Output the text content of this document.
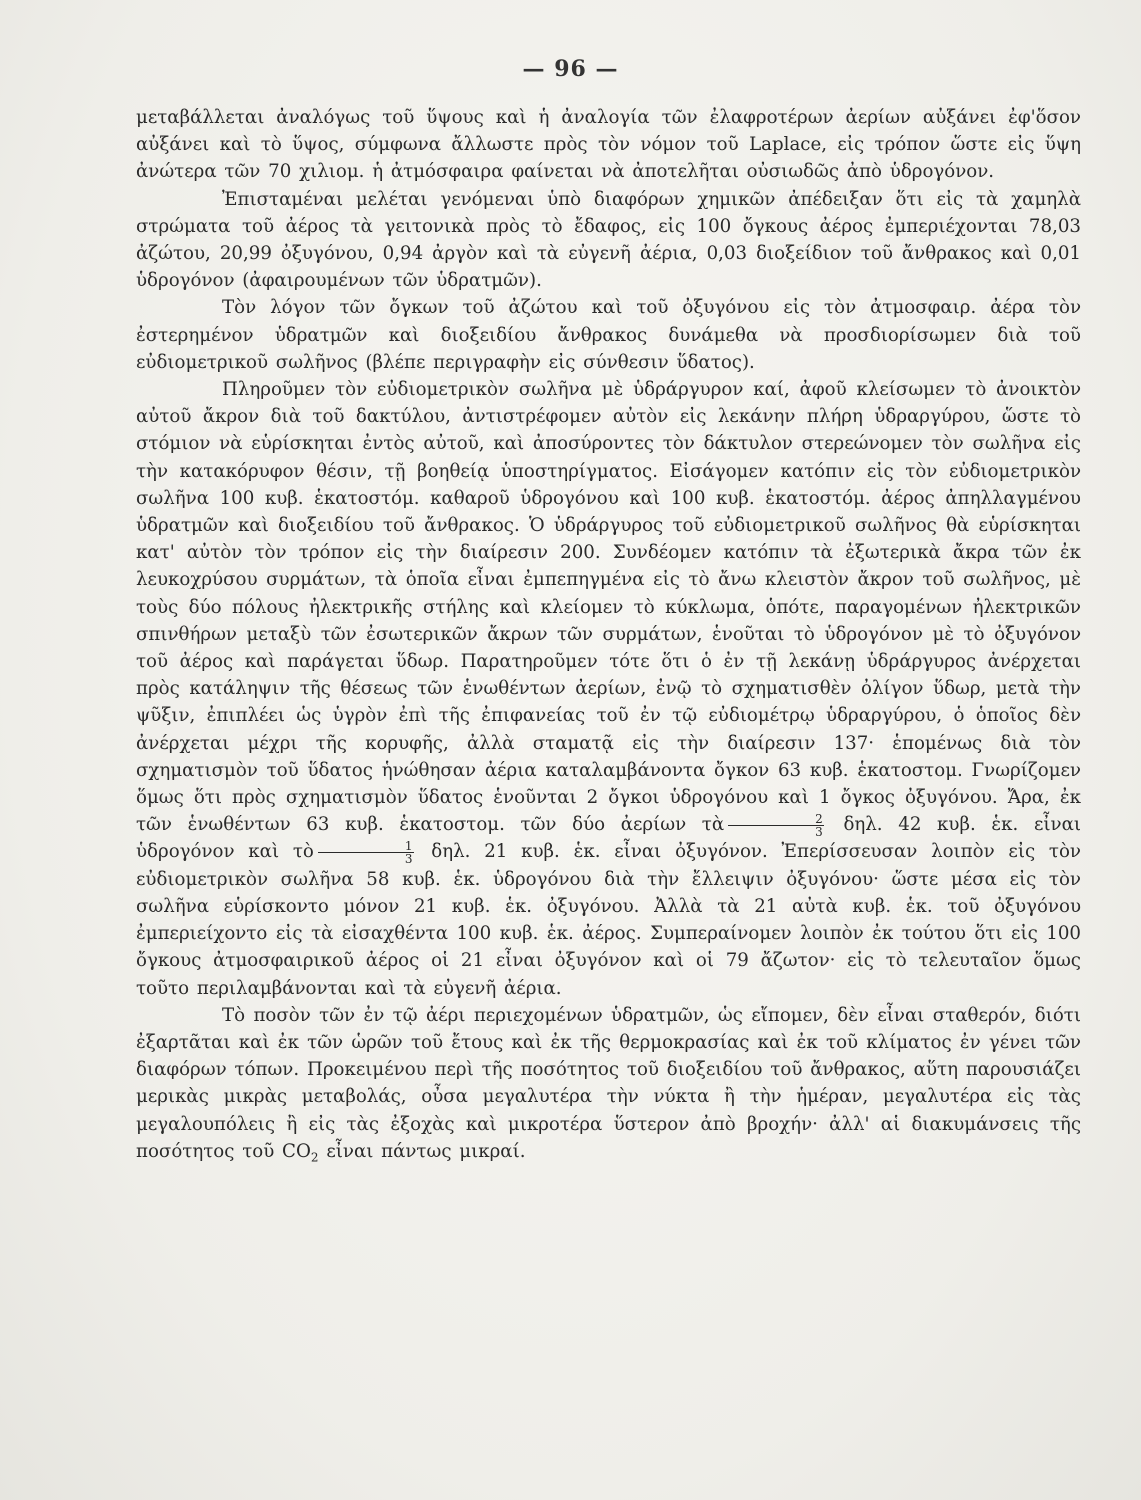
— 96 —

μεταβάλλεται ἀναλόγως τοῦ ὕψους καὶ ἡ ἀναλογία τῶν ἐλαφροτέρων ἀερίων αὐξάνει ἐφ'ὅσον αὐξάνει καὶ τὸ ὕψος, σύμφωνα ἄλλωστε πρὸς τὸν νόμον τοῦ Laplace, εἰς τρόπον ὥστε εἰς ὕψη ἀνώτερα τῶν 70 χιλιομ. ἡ ἀτμόσφαιρα φαίνεται νὰ ἀποτελῆται οὐσιωδῶς ἀπὸ ὑδρογόνον.

Ἐπισταμέναι μελέται γενόμεναι ὑπὸ διαφόρων χημικῶν ἀπέδειξαν ὅτι εἰς τὰ χαμηλὰ στρώματα τοῦ ἀέρος τὰ γειτονικὰ πρὸς τὸ ἔδαφος, εἰς 100 ὄγκους ἀέρος ἐμπεριέχονται 78,03 ἀζώτου, 20,99 ὀξυγόνου, 0,94 ἀργὸν καὶ τὰ εὐγενῆ ἀέρια, 0,03 διοξείδιον τοῦ ἄνθρακος καὶ 0,01 ὑδρογόνον (ἀφαιρουμένων τῶν ὑδρατμῶν).

Τὸν λόγον τῶν ὄγκων τοῦ ἀζώτου καὶ τοῦ ὀξυγόνου εἰς τὸν ἀτμοσφαιρ. ἀέρα τὸν ἐστερημένον ὑδρατμῶν καὶ διοξειδίου ἄνθρακος δυνάμεθα νὰ προσδιορίσωμεν διὰ τοῦ εὐδιομετρικοῦ σωλῆνος (βλέπε περιγραφὴν εἰς σύνθεσιν ὕδατος).

Πληροῦμεν τὸν εὐδιομετρικὸν σωλῆνα μὲ ὑδράργυρον καί, ἀφοῦ κλείσωμεν τὸ ἀνοικτὸν αὐτοῦ ἄκρον διὰ τοῦ δακτύλου, ἀντιστρέφομεν αὐτὸν εἰς λεκάνην πλήρη ὑδραργύρου, ὥστε τὸ στόμιον νὰ εὑρίσκηται ἐντὸς αὐτοῦ, καὶ ἀποσύροντες τὸν δάκτυλον στερεώνομεν τὸν σωλῆνα εἰς τὴν κατακόρυφον θέσιν, τῇ βοηθείᾳ ὑποστηρίγματος. Εἰσάγομεν κατόπιν εἰς τὸν εὐδιομετρικὸν σωλῆνα 100 κυβ. ἑκατοστόμ. καθαροῦ ὑδρογόνου καὶ 100 κυβ. ἑκατοστόμ. ἀέρος ἀπηλλαγμένου ὑδρατμῶν καὶ διοξειδίου τοῦ ἄνθρακος. Ὁ ὑδράργυρος τοῦ εὐδιομετρικοῦ σωλῆνος θὰ εὑρίσκηται κατ' αὐτὸν τὸν τρόπον εἰς τὴν διαίρεσιν 200. Συνδέομεν κατόπιν τὰ ἐξωτερικὰ ἄκρα τῶν ἐκ λευκοχρύσου συρμάτων, τὰ ὁποῖα εἶναι ἐμπεπηγμένα εἰς τὸ ἄνω κλειστὸν ἄκρον τοῦ σωλῆνος, μὲ τοὺς δύο πόλους ἠλεκτρικῆς στήλης καὶ κλείομεν τὸ κύκλωμα, ὁπότε, παραγομένων ἠλεκτρικῶν σπινθήρων μεταξὺ τῶν ἐσωτερικῶν ἄκρων τῶν συρμάτων, ἑνοῦται τὸ ὑδρογόνον μὲ τὸ ὀξυγόνον τοῦ ἀέρος καὶ παράγεται ὕδωρ. Παρατηροῦμεν τότε ὅτι ὁ ἐν τῇ λεκάνῃ ὑδράργυρος ἀνέρχεται πρὸς κατάληψιν τῆς θέσεως τῶν ἑνωθέντων ἀερίων, ἐνῷ τὸ σχηματισθὲν ὀλίγον ὕδωρ, μετὰ τὴν ψῦξιν, ἐπιπλέει ὡς ὑγρὸν ἐπὶ τῆς ἐπιφανείας τοῦ ἐν τῷ εὐδιομέτρῳ ὑδραργύρου, ὁ ὁποῖος δὲν ἀνέρχεται μέχρι τῆς κορυφῆς, ἀλλὰ σταματᾷ εἰς τὴν διαίρεσιν 137· ἑπομένως διὰ τὸν σχηματισμὸν τοῦ ὕδατος ἡνώθησαν ἀέρια καταλαμβάνοντα ὄγκον 63 κυβ. ἑκατοστομ. Γνωρίζομεν ὅμως ὅτι πρὸς σχηματισμὸν ὕδατος ἑνοῦνται 2 ὄγκοι ὑδρογόνου καὶ 1 ὄγκος ὀξυγόνου. Ἄρα, ἐκ τῶν ἑνωθέντων 63 κυβ. ἑκατοστομ. τῶν δύο ἀερίων τὰ $\frac{2}{3} \delta\eta\lambda$. 42 κυβ. ἑκ. εἶναι ὑδρογόνον καὶ τὸ $\frac{1}{3} \delta\eta\lambda$. 21 κυβ. ἑκ. εἶναι ὀξυγόνον. Ἐπερίσσευσαν λοιπὸν εἰς τὸν εὐδιομετρικὸν σωλῆνα 58 κυβ. ἑκ. ὑδρογόνου διὰ τὴν ἔλλειψιν ὀξυγόνου· ὥστε μέσα εἰς τὸν σωλῆνα εὑρίσκοντο μόνον 21 κυβ. ἑκ. ὀξυγόνου. Ἀλλὰ τὰ 21 αὐτὰ κυβ. ἑκ. τοῦ ὀξυγόνου ἐμπεριείχοντο εἰς τὰ εἰσαχθέντα 100 κυβ. ἑκ. ἀέρος. Συμπεραίνομεν λοιπὸν ἐκ τούτου ὅτι εἰς 100 ὄγκους ἀτμοσφαιρικοῦ ἀέρος οἱ 21 εἶναι ὀξυγόνον καὶ οἱ 79 ἄζωτον· εἰς τὸ τελευταῖον ὅμως τοῦτο περιλαμβάνονται καὶ τὰ εὐγενῆ ἀέρια.

Τὸ ποσὸν τῶν ἐν τῷ ἀέρι περιεχομένων ὑδρατμῶν, ὡς εἴπομεν, δὲν εἶναι σταθερόν, διότι ἐξαρτᾶται καὶ ἐκ τῶν ὡρῶν τοῦ ἔτους καὶ ἐκ τῆς θερμοκρασίας καὶ ἐκ τοῦ κλίματος ἐν γένει τῶν διαφόρων τόπων. Προκειμένου περὶ τῆς ποσότητος τοῦ διοξειδίου τοῦ ἄνθρακος, αὕτη παρουσιάζει μερικὰς μικρὰς μεταβολάς, οὖσα μεγαλυτέρα τὴν νύκτα ἢ τὴν ἡμέραν, μεγαλυτέρα εἰς τὰς μεγαλουπόλεις ἢ εἰς τὰς ἐξοχὰς καὶ μικροτέρα ὕστερον ἀπὸ βροχήν· ἀλλ' αἱ διακυμάνσεις τῆς ποσότητος τοῦ $CO_2$ εἶναι πάντως μικραί.
